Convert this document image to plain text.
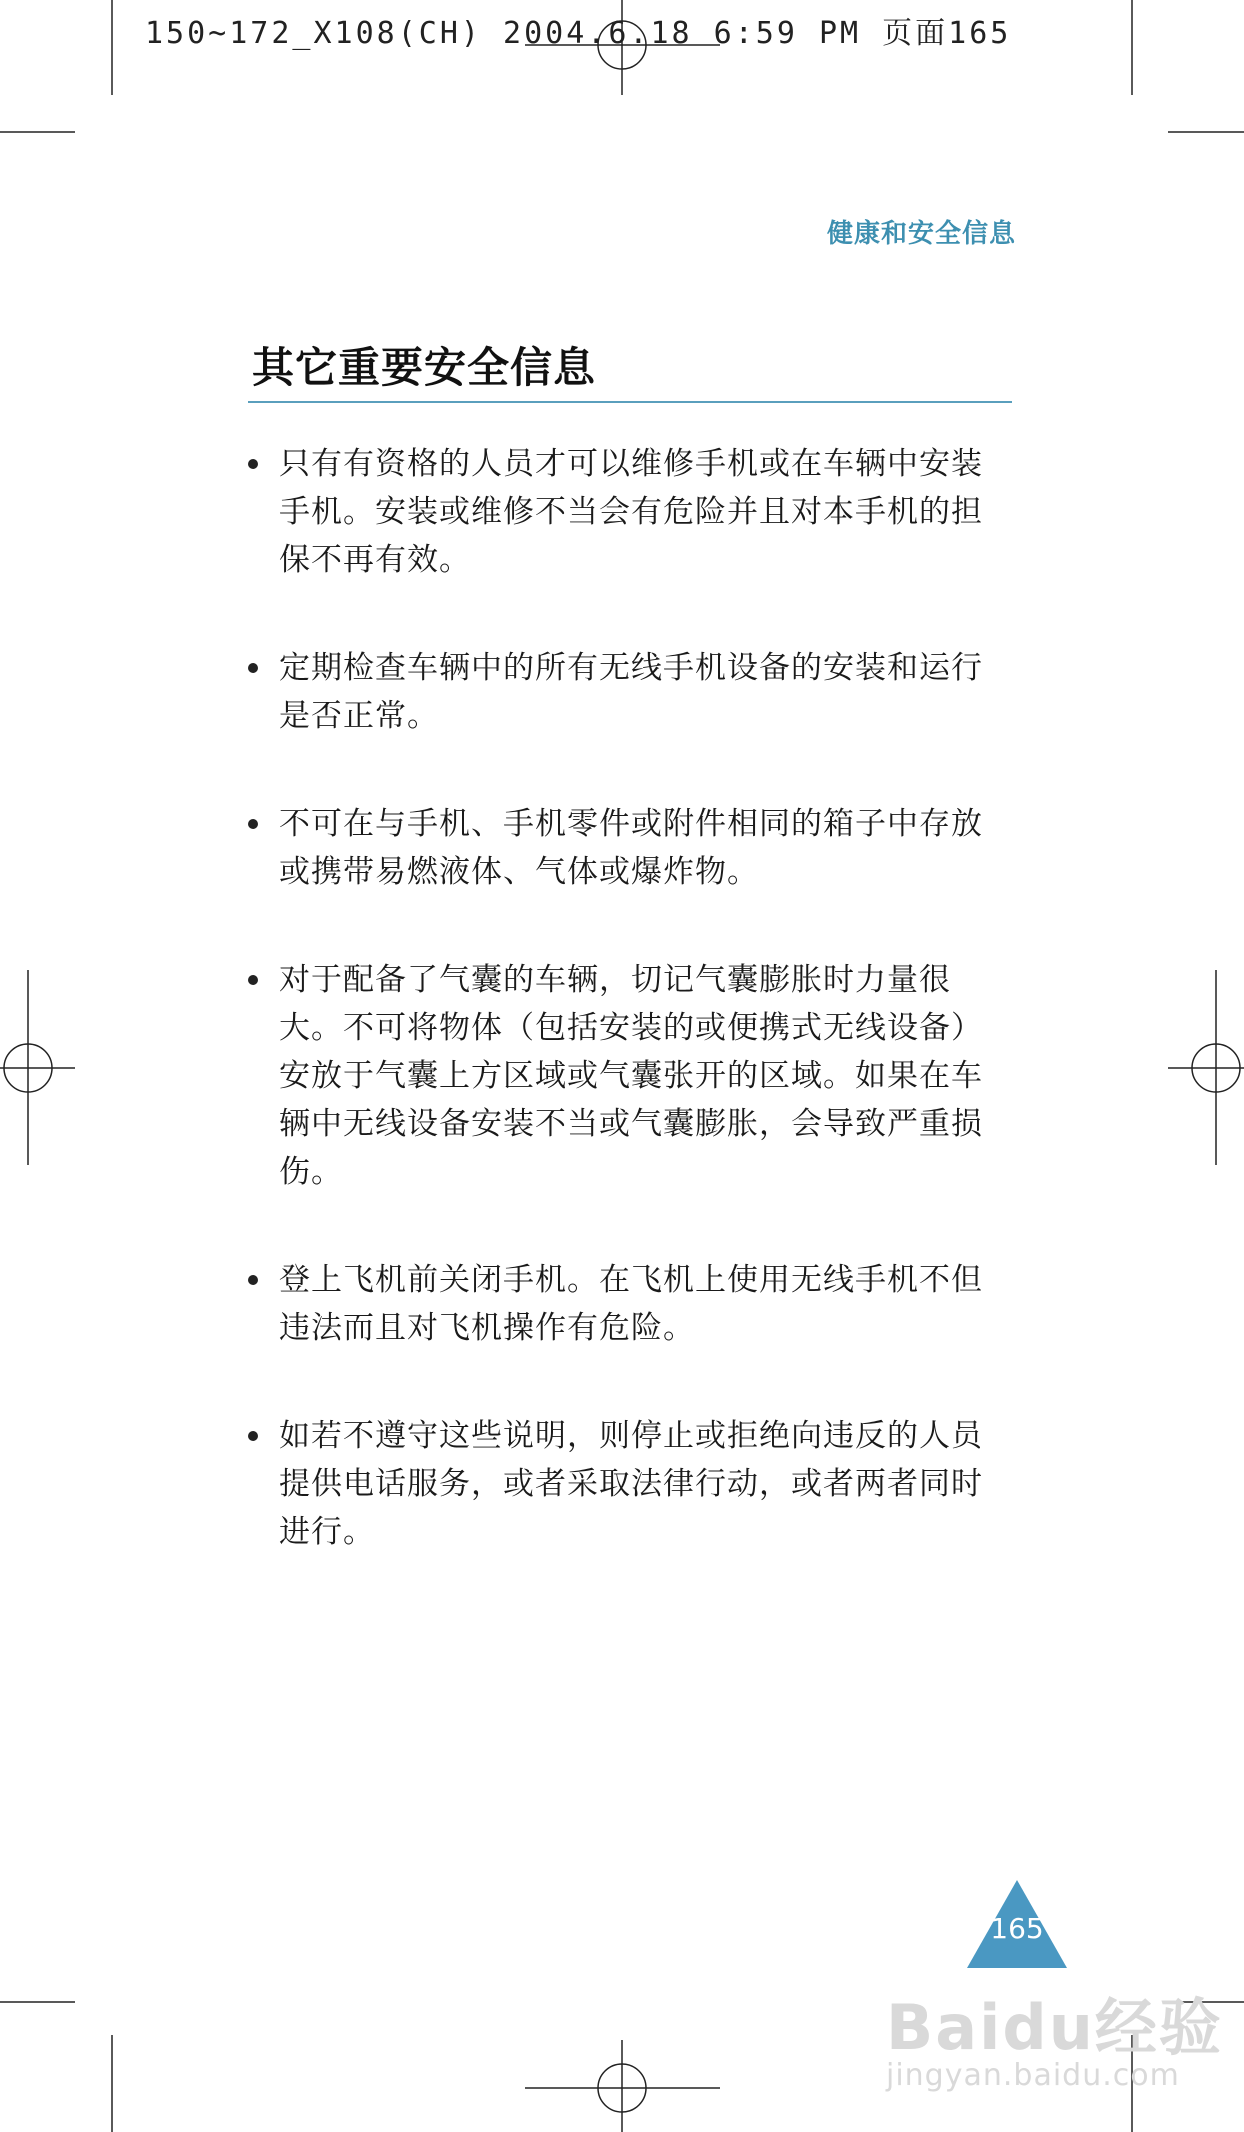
150~172_X108(CH) 2004.6.18 6:59 PM 页面165
健康和安全信息
其它重要安全信息
只有有资格的人员才可以维修手机或在车辆中安装手机。安装或维修不当会有危险并且对本手机的担保不再有效。
定期检查车辆中的所有无线手机设备的安装和运行是否正常。
不可在与手机、手机零件或附件相同的箱子中存放或携带易燃液体、气体或爆炸物。
对于配备了气囊的车辆，切记气囊膨胀时力量很大。不可将物体（包括安装的或便携式无线设备）安放于气囊上方区域或气囊张开的区域。如果在车辆中无线设备安装不当或气囊膨胀，会导致严重损伤。
登上飞机前关闭手机。在飞机上使用无线手机不但违法而且对飞机操作有危险。
如若不遵守这些说明，则停止或拒绝向违反的人员提供电话服务，或者采取法律行动，或者两者同时进行。
165
Baidu经验
jingyan.baidu.com
